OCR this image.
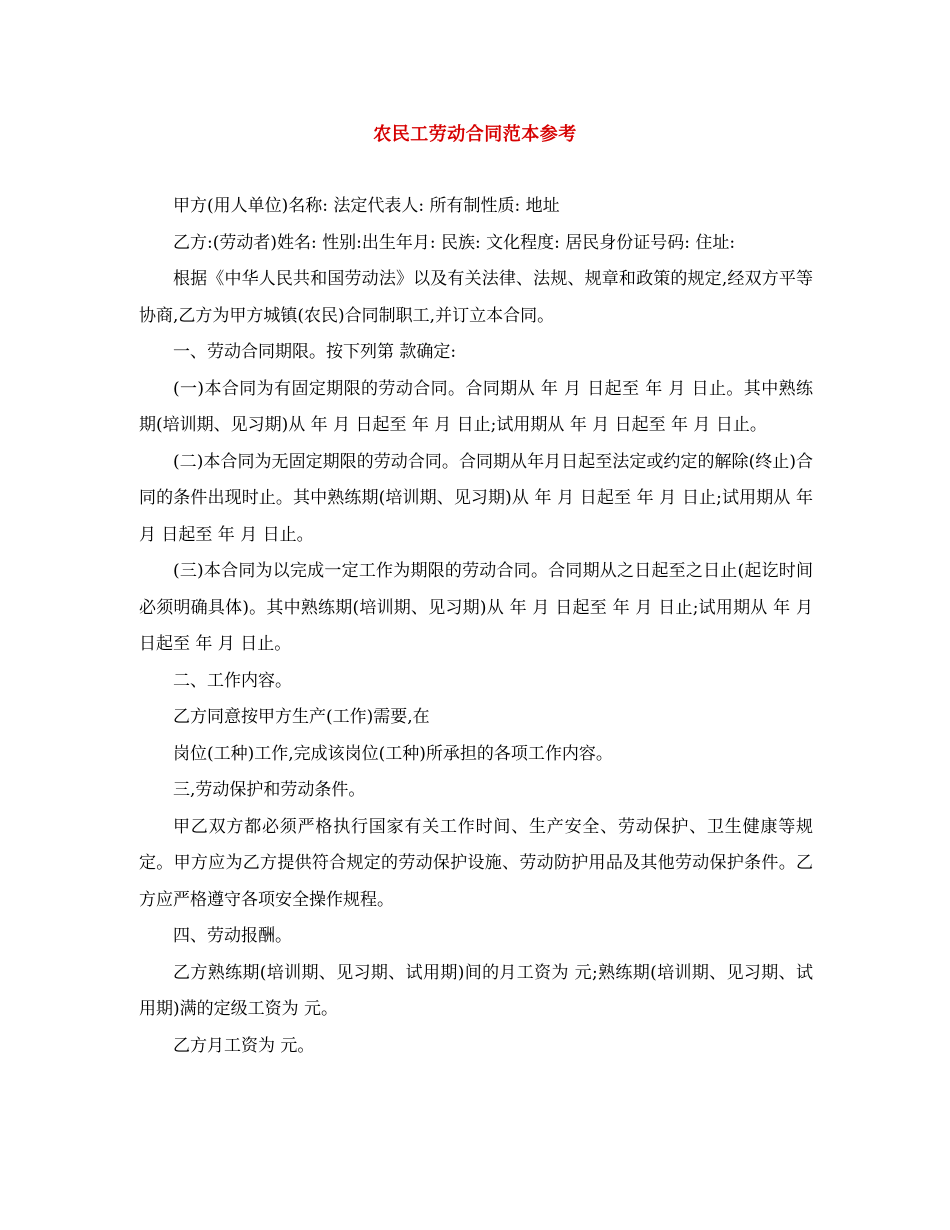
农民工劳动合同范本参考

甲方(用人单位)名称: 法定代表人: 所有制性质: 地址

乙方:(劳动者)姓名: 性别:出生年月: 民族: 文化程度: 居民身份证号码: 住址:

根据《中华人民共和国劳动法》以及有关法律、法规、规章和政策的规定,经双方平等协商,乙方为甲方城镇(农民)合同制职工,并订立本合同。

一、劳动合同期限。按下列第 款确定:

(一)本合同为有固定期限的劳动合同。合同期从 年 月 日起至 年 月 日止。其中熟练期(培训期、见习期)从 年 月 日起至 年 月 日止;试用期从 年 月 日起至 年 月 日止。

(二)本合同为无固定期限的劳动合同。合同期从年月日起至法定或约定的解除(终止)合同的条件出现时止。其中熟练期(培训期、见习期)从 年 月 日起至 年 月 日止;试用期从 年 月 日起至 年 月 日止。

(三)本合同为以完成一定工作为期限的劳动合同。合同期从之日起至之日止(起讫时间必须明确具体)。其中熟练期(培训期、见习期)从 年 月 日起至 年 月 日止;试用期从 年 月 日起至 年 月 日止。

二、工作内容。

乙方同意按甲方生产(工作)需要,在

岗位(工种)工作,完成该岗位(工种)所承担的各项工作内容。

三,劳动保护和劳动条件。

甲乙双方都必须严格执行国家有关工作时间、生产安全、劳动保护、卫生健康等规定。甲方应为乙方提供符合规定的劳动保护设施、劳动防护用品及其他劳动保护条件。乙方应严格遵守各项安全操作规程。

四、劳动报酬。

乙方熟练期(培训期、见习期、试用期)间的月工资为 元;熟练期(培训期、见习期、试用期)满的定级工资为 元。

乙方月工资为 元。
